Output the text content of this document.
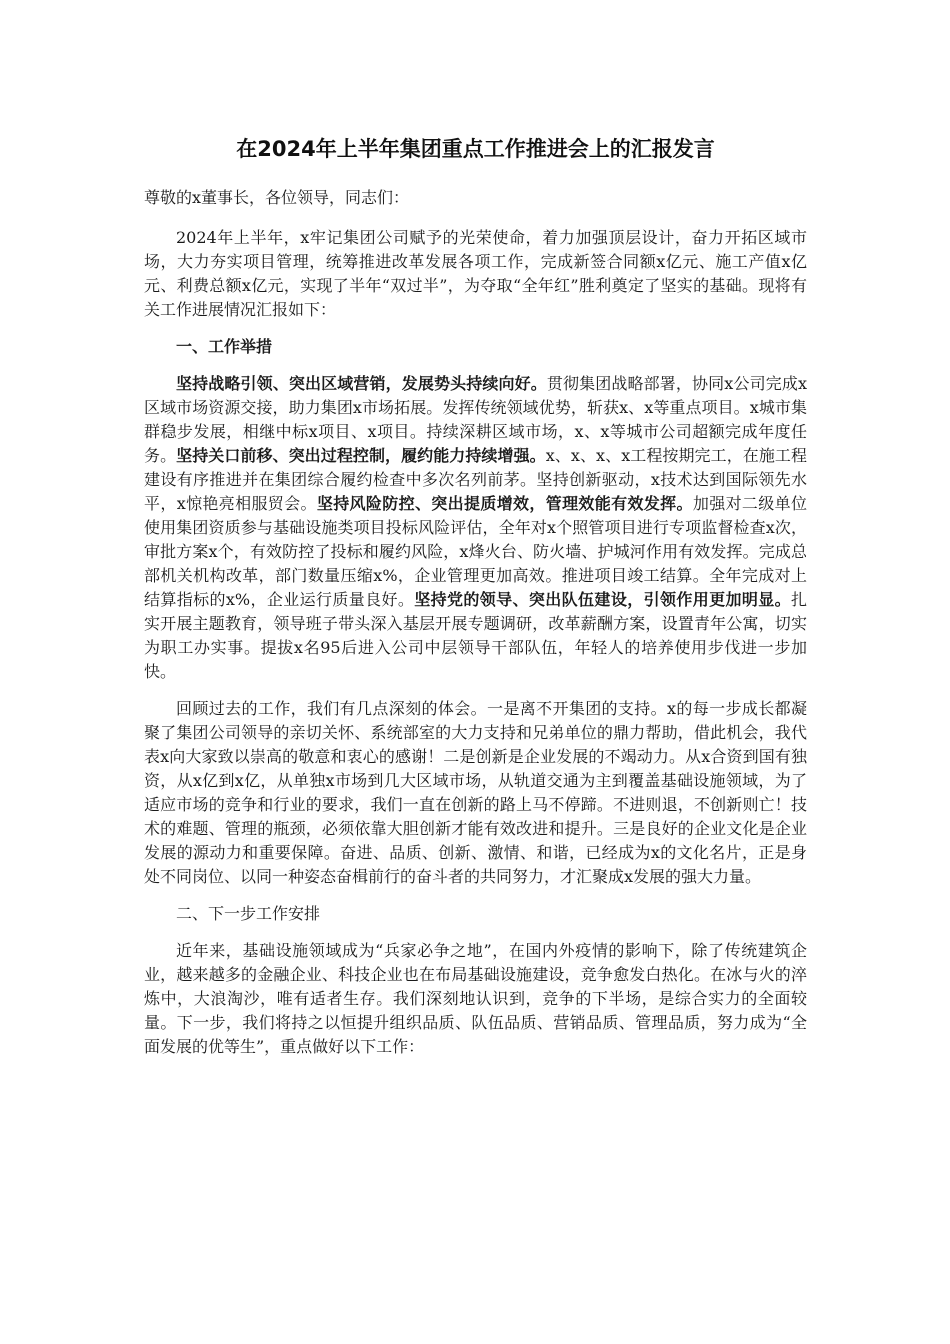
在2024年上半年集团重点工作推进会上的汇报发言

尊敬的x董事长，各位领导，同志们：

2024年上半年，x牢记集团公司赋予的光荣使命，着力加强顶层设计，奋力开拓区域市场，大力夯实项目管理，统筹推进改革发展各项工作，完成新签合同额x亿元、施工产值x亿元、利费总额x亿元，实现了半年“双过半”，为夺取“全年红”胜利奠定了坚实的基础。现将有关工作进展情况汇报如下：

一、工作举措

坚持战略引领、突出区域营销，发展势头持续向好。贯彻集团战略部署，协同x公司完成x区域市场资源交接，助力集团x市场拓展。发挥传统领域优势，斩获x、x等重点项目。x城市集群稳步发展，相继中标x项目、x项目。持续深耕区域市场，x、x等城市公司超额完成年度任务。坚持关口前移、突出过程控制，履约能力持续增强。x、x、x、x工程按期完工，在施工程建设有序推进并在集团综合履约检查中多次名列前茅。坚持创新驱动，x技术达到国际领先水平，x惊艳亮相服贸会。坚持风险防控、突出提质增效，管理效能有效发挥。加强对二级单位使用集团资质参与基础设施类项目投标风险评估，全年对x个照管项目进行专项监督检查x次，审批方案x个，有效防控了投标和履约风险，x烽火台、防火墙、护城河作用有效发挥。完成总部机关机构改革，部门数量压缩x%，企业管理更加高效。推进项目竣工结算。全年完成对上结算指标的x%，企业运行质量良好。坚持党的领导、突出队伍建设，引领作用更加明显。扎实开展主题教育，领导班子带头深入基层开展专题调研，改革薪酬方案，设置青年公寓，切实为职工办实事。提拔x名95后进入公司中层领导干部队伍，年轻人的培养使用步伐进一步加快。

回顾过去的工作，我们有几点深刻的体会。一是离不开集团的支持。x的每一步成长都凝聚了集团公司领导的亲切关怀、系统部室的大力支持和兄弟单位的鼎力帮助，借此机会，我代表x向大家致以崇高的敬意和衷心的感谢！二是创新是企业发展的不竭动力。从x合资到国有独资，从x亿到x亿，从单独x市场到几大区域市场，从轨道交通为主到覆盖基础设施领域，为了适应市场的竞争和行业的要求，我们一直在创新的路上马不停蹄。不进则退，不创新则亡！技术的难题、管理的瓶颈，必须依靠大胆创新才能有效改进和提升。三是良好的企业文化是企业发展的源动力和重要保障。奋进、品质、创新、激情、和谐，已经成为x的文化名片，正是身处不同岗位、以同一种姿态奋楫前行的奋斗者的共同努力，才汇聚成x发展的强大力量。

二、下一步工作安排

近年来，基础设施领域成为“兵家必争之地”，在国内外疫情的影响下，除了传统建筑企业，越来越多的金融企业、科技企业也在布局基础设施建设，竞争愈发白热化。在冰与火的淬炼中，大浪淘沙，唯有适者生存。我们深刻地认识到，竞争的下半场，是综合实力的全面较量。下一步，我们将持之以恒提升组织品质、队伍品质、营销品质、管理品质，努力成为“全面发展的优等生”，重点做好以下工作：
